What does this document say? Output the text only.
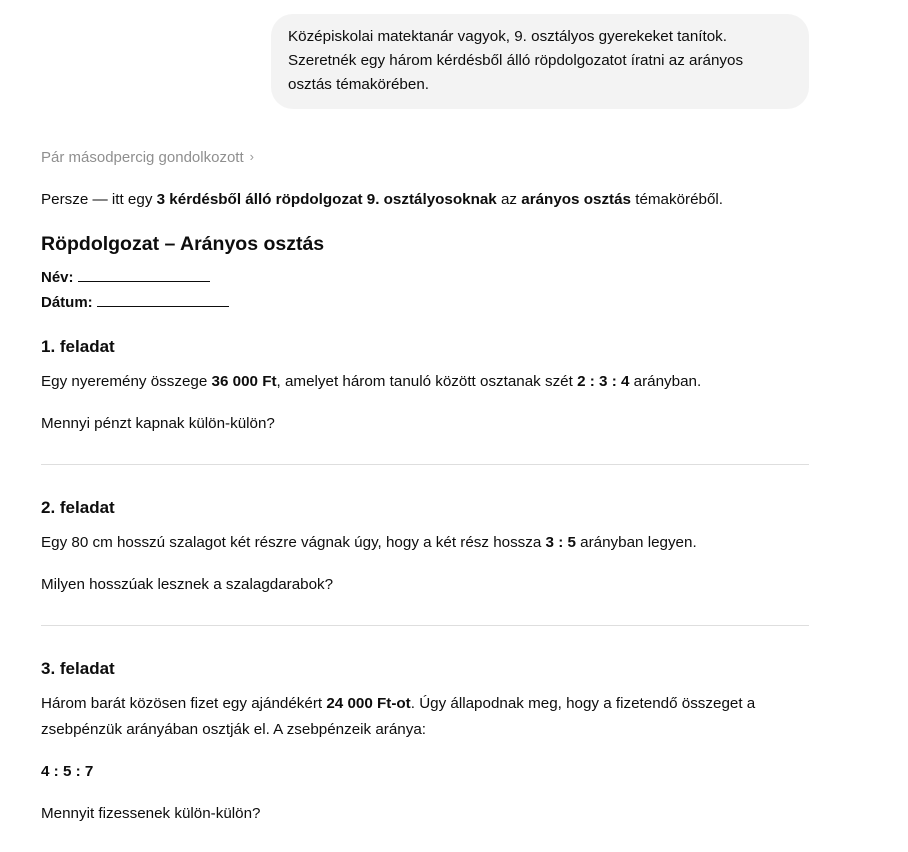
Középiskolai matektanár vagyok, 9. osztályos gyerekeket tanítok.
Szeretnék egy három kérdésből álló röpdolgozatot íratni az arányos
osztás témakörében.
Pár másodpercig gondolkozott ›
Persze — itt egy 3 kérdésből álló röpdolgozat 9. osztályosoknak az arányos osztás témaköréből.
Röpdolgozat – Arányos osztás
Név:
Dátum:
1. feladat
Egy nyeremény összege 36 000 Ft, amelyet három tanuló között osztanak szét 2 : 3 : 4 arányban.
Mennyi pénzt kapnak külön-külön?
2. feladat
Egy 80 cm hosszú szalagot két részre vágnak úgy, hogy a két rész hossza 3 : 5 arányban legyen.
Milyen hosszúak lesznek a szalagdarabok?
3. feladat
Három barát közösen fizet egy ajándékért 24 000 Ft-ot. Úgy állapodnak meg, hogy a fizetendő összeget a
zsebpénzük arányában osztják el. A zsebpénzeik aránya:
4 : 5 : 7
Mennyit fizessenek külön-külön?
